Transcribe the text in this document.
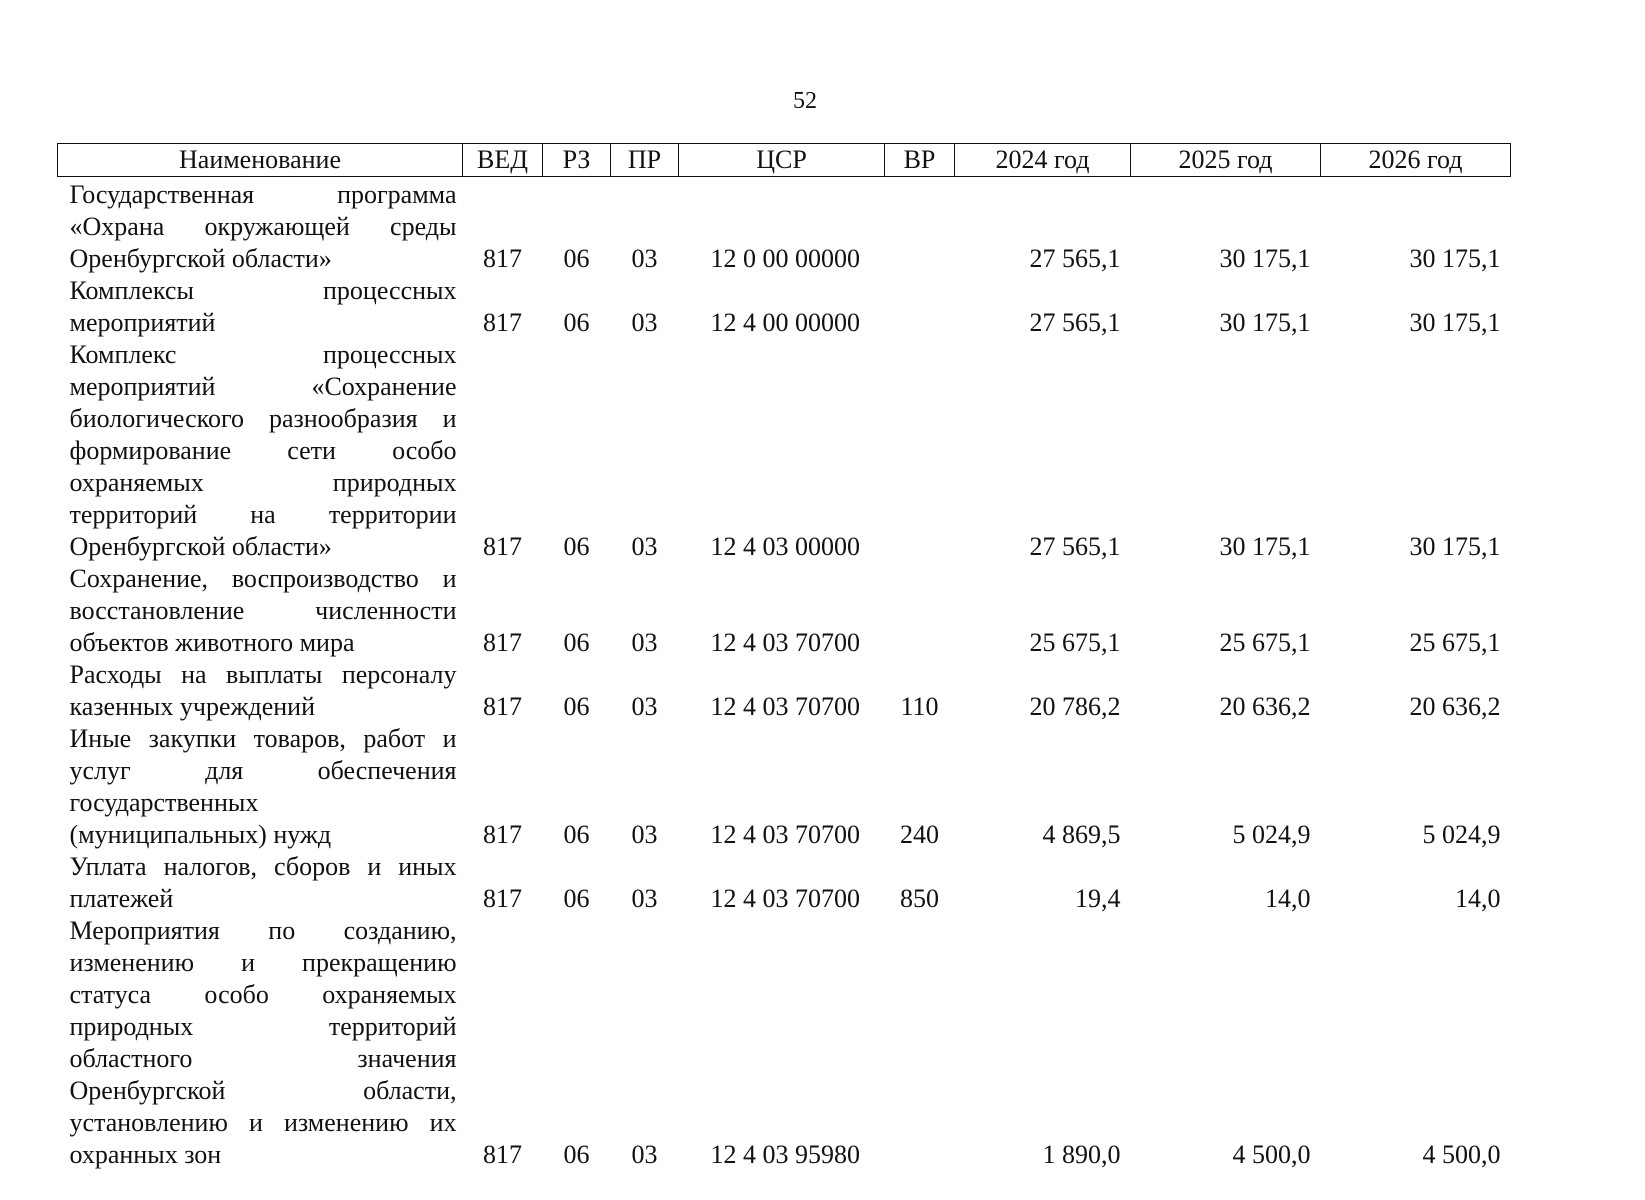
52
Наименование	ВЕД	РЗ	ПР	ЦСР	ВР	2024 год	2025 год	2026 год
Государственная программа «Охрана окружающей среды Оренбургской области»	817	06	03	12 0 00 00000		27 565,1	30 175,1	30 175,1
Комплексы процессных мероприятий	817	06	03	12 4 00 00000		27 565,1	30 175,1	30 175,1
Комплекс процессных мероприятий «Сохранение биологического разнообразия и формирование сети особо охраняемых природных территорий на территории Оренбургской области»	817	06	03	12 4 03 00000		27 565,1	30 175,1	30 175,1
Сохранение, воспроизводство и восстановление численности объектов животного мира	817	06	03	12 4 03 70700		25 675,1	25 675,1	25 675,1
Расходы на выплаты персоналу казенных учреждений	817	06	03	12 4 03 70700	110	20 786,2	20 636,2	20 636,2
Иные закупки товаров, работ и услуг для обеспечения государственных (муниципальных) нужд	817	06	03	12 4 03 70700	240	4 869,5	5 024,9	5 024,9
Уплата налогов, сборов и иных платежей	817	06	03	12 4 03 70700	850	19,4	14,0	14,0
Мероприятия по созданию, изменению и прекращению статуса особо охраняемых природных территорий областного значения Оренбургской области, установлению и изменению их охранных зон	817	06	03	12 4 03 95980		1 890,0	4 500,0	4 500,0
